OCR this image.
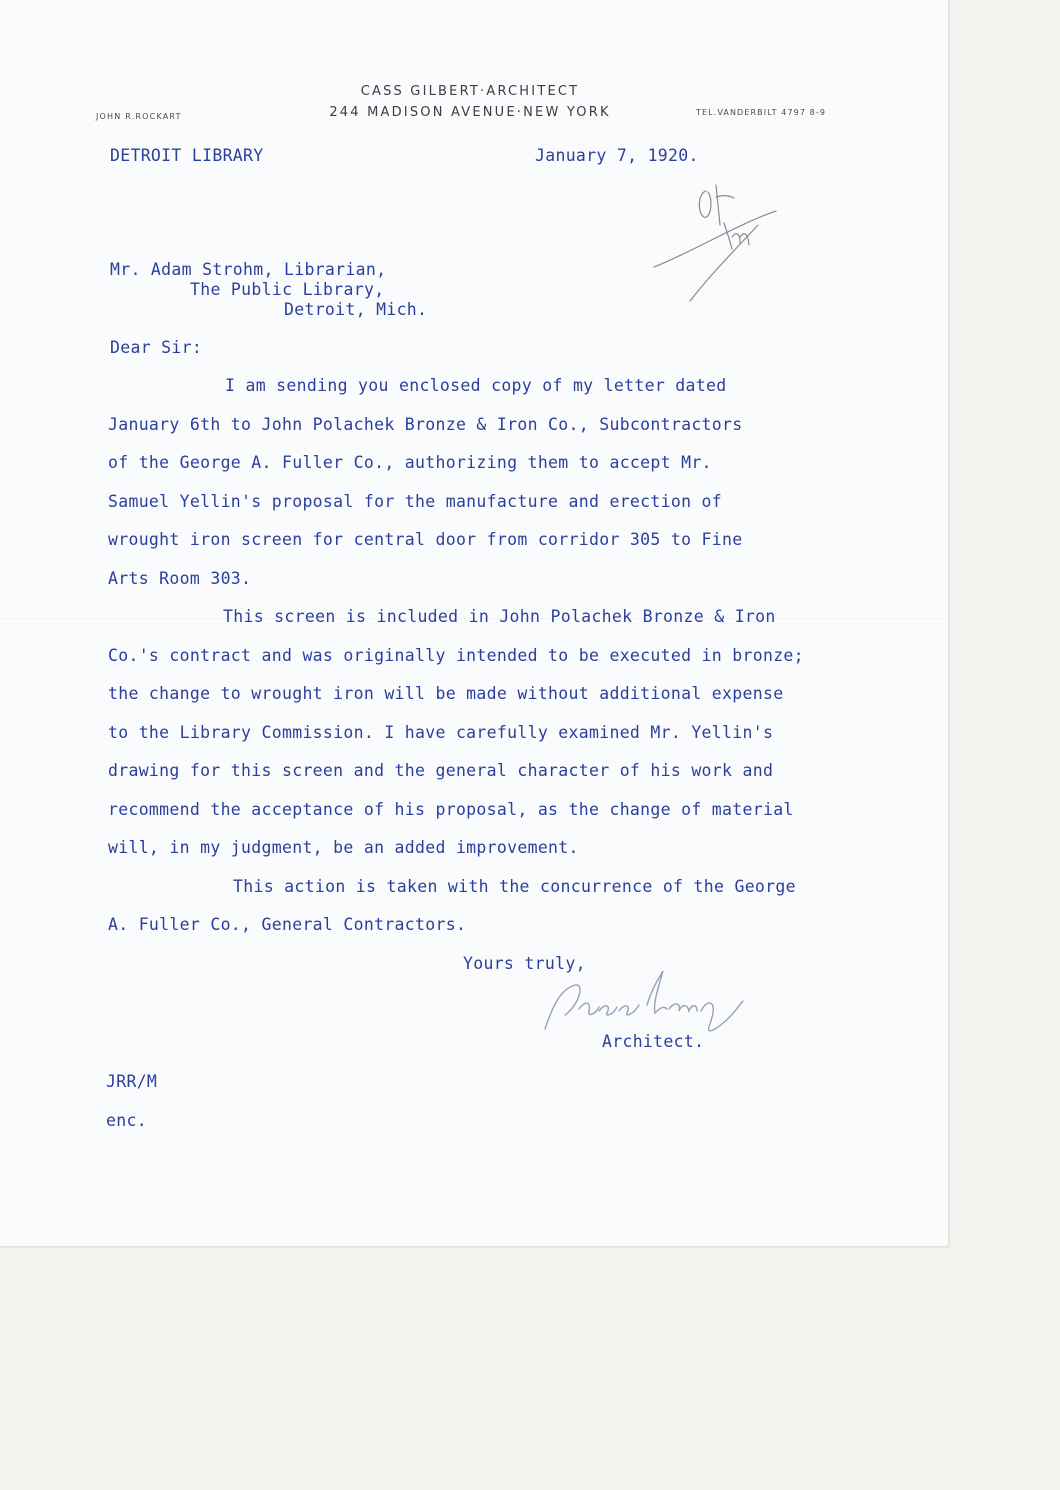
CASS GILBERT·ARCHITECT
244 MADISON AVENUE·NEW YORK
JOHN R.ROCKART	TEL.VANDERBILT 4797 8-9
DETROIT LIBRARY	January 7, 1920.
Mr. Adam Strohm, Librarian,
The Public Library,
Detroit, Mich.
Dear Sir:
I am sending you enclosed copy of my letter dated
January 6th to John Polachek Bronze & Iron Co., Subcontractors
of the George A. Fuller Co., authorizing them to accept Mr.
Samuel Yellin's proposal for the manufacture and erection of
wrought iron screen for central door from corridor 305 to Fine
Arts Room 303.
This screen is included in John Polachek Bronze & Iron
Co.'s contract and was originally intended to be executed in bronze;
the change to wrought iron will be made without additional expense
to the Library Commission. I have carefully examined Mr. Yellin's
drawing for this screen and the general character of his work and
recommend the acceptance of his proposal, as the change of material
will, in my judgment, be an added improvement.
This action is taken with the concurrence of the George
A. Fuller Co., General Contractors.
Yours truly,
Architect.
JRR/M
enc.
